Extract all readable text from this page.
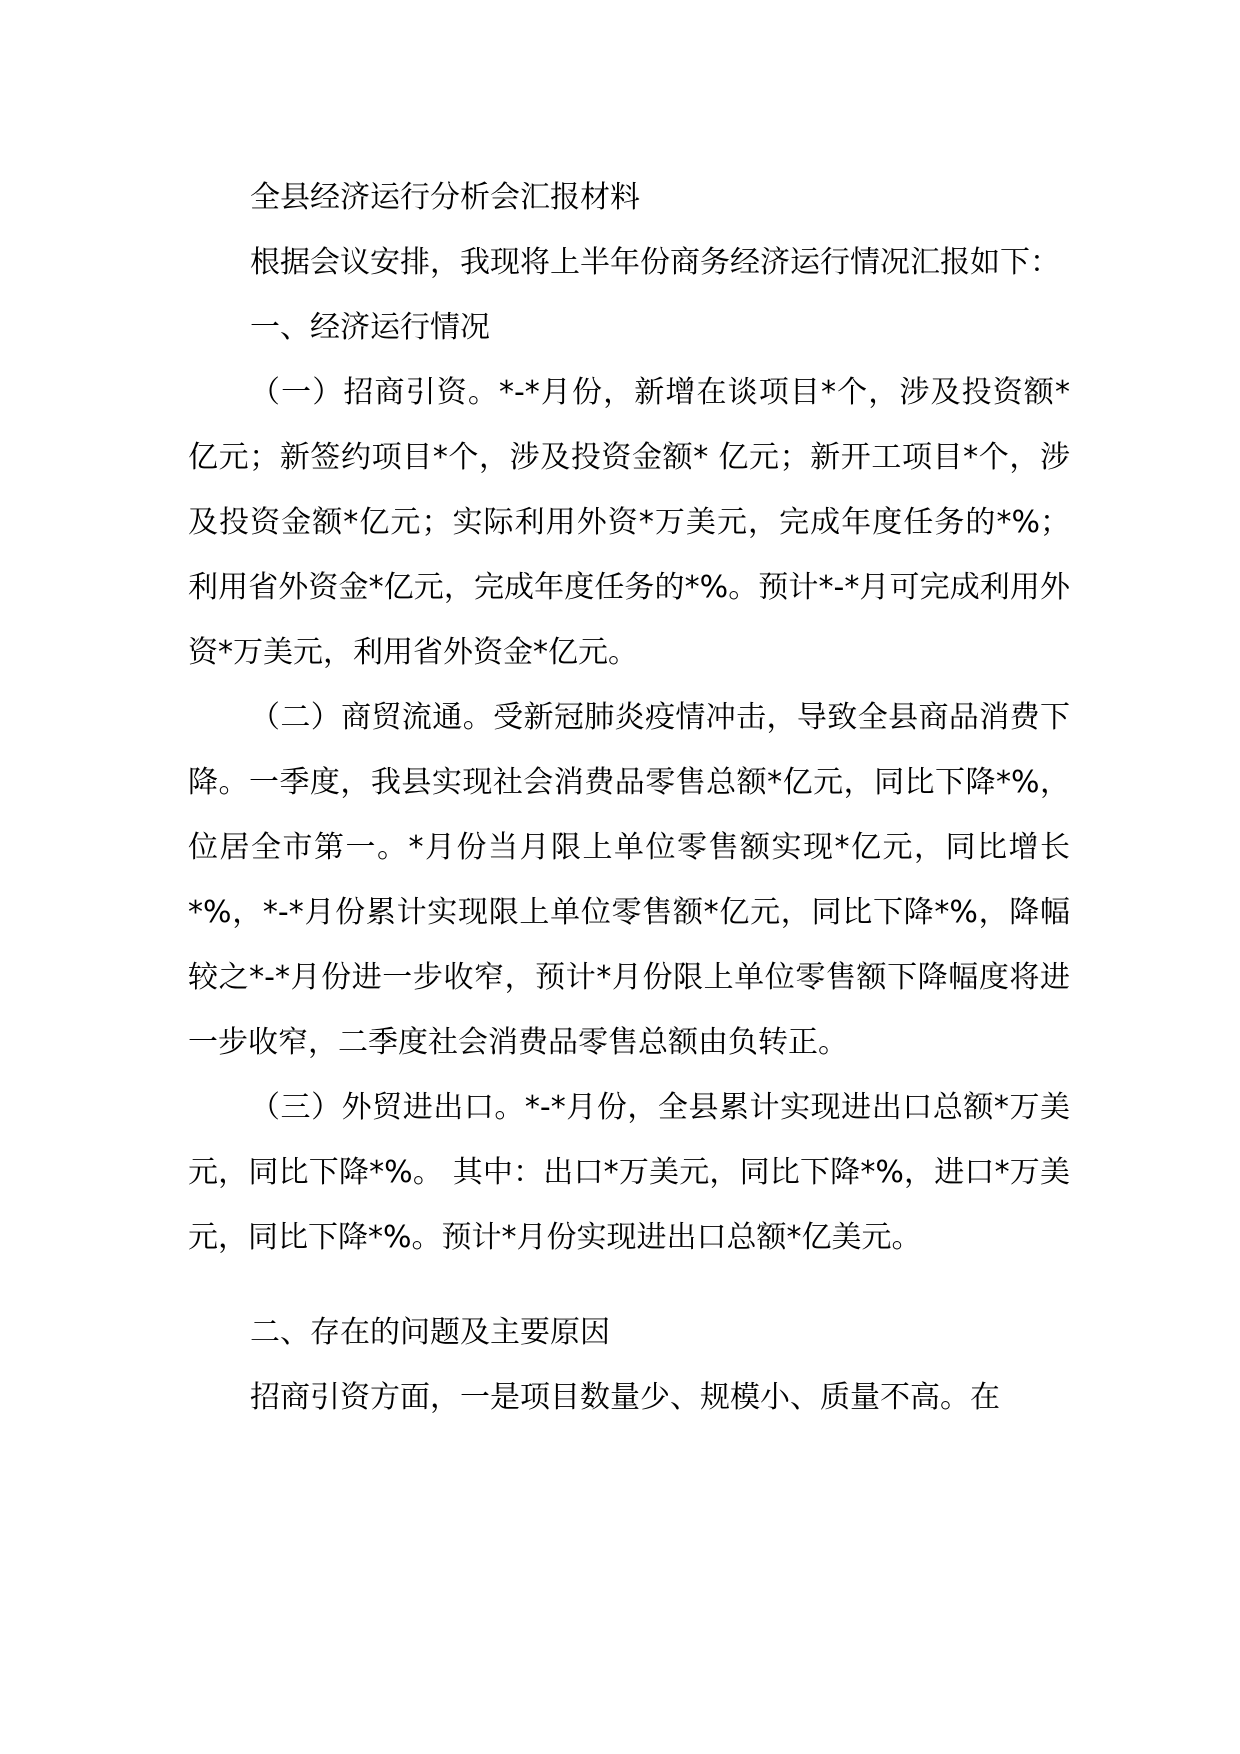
全县经济运行分析会汇报材料

根据会议安排，我现将上半年份商务经济运行情况汇报如下：

一、经济运行情况

（一）招商引资。*-*月份，新增在谈项目*个，涉及投资额*亿元；新签约项目*个，涉及投资金额* 亿元；新开工项目*个，涉及投资金额*亿元；实际利用外资*万美元，完成年度任务的*%；利用省外资金*亿元，完成年度任务的*%。预计*-*月可完成利用外资*万美元，利用省外资金*亿元。

（二）商贸流通。受新冠肺炎疫情冲击，导致全县商品消费下降。一季度，我县实现社会消费品零售总额*亿元，同比下降*%，位居全市第一。*月份当月限上单位零售额实现*亿元，同比增长*%，*-*月份累计实现限上单位零售额*亿元，同比下降*%，降幅较之*-*月份进一步收窄，预计*月份限上单位零售额下降幅度将进一步收窄，二季度社会消费品零售总额由负转正。

（三）外贸进出口。*-*月份，全县累计实现进出口总额*万美元，同比下降*%。 其中：出口*万美元，同比下降*%，进口*万美元，同比下降*%。预计*月份实现进出口总额*亿美元。

二、存在的问题及主要原因

招商引资方面，一是项目数量少、规模小、质量不高。在
